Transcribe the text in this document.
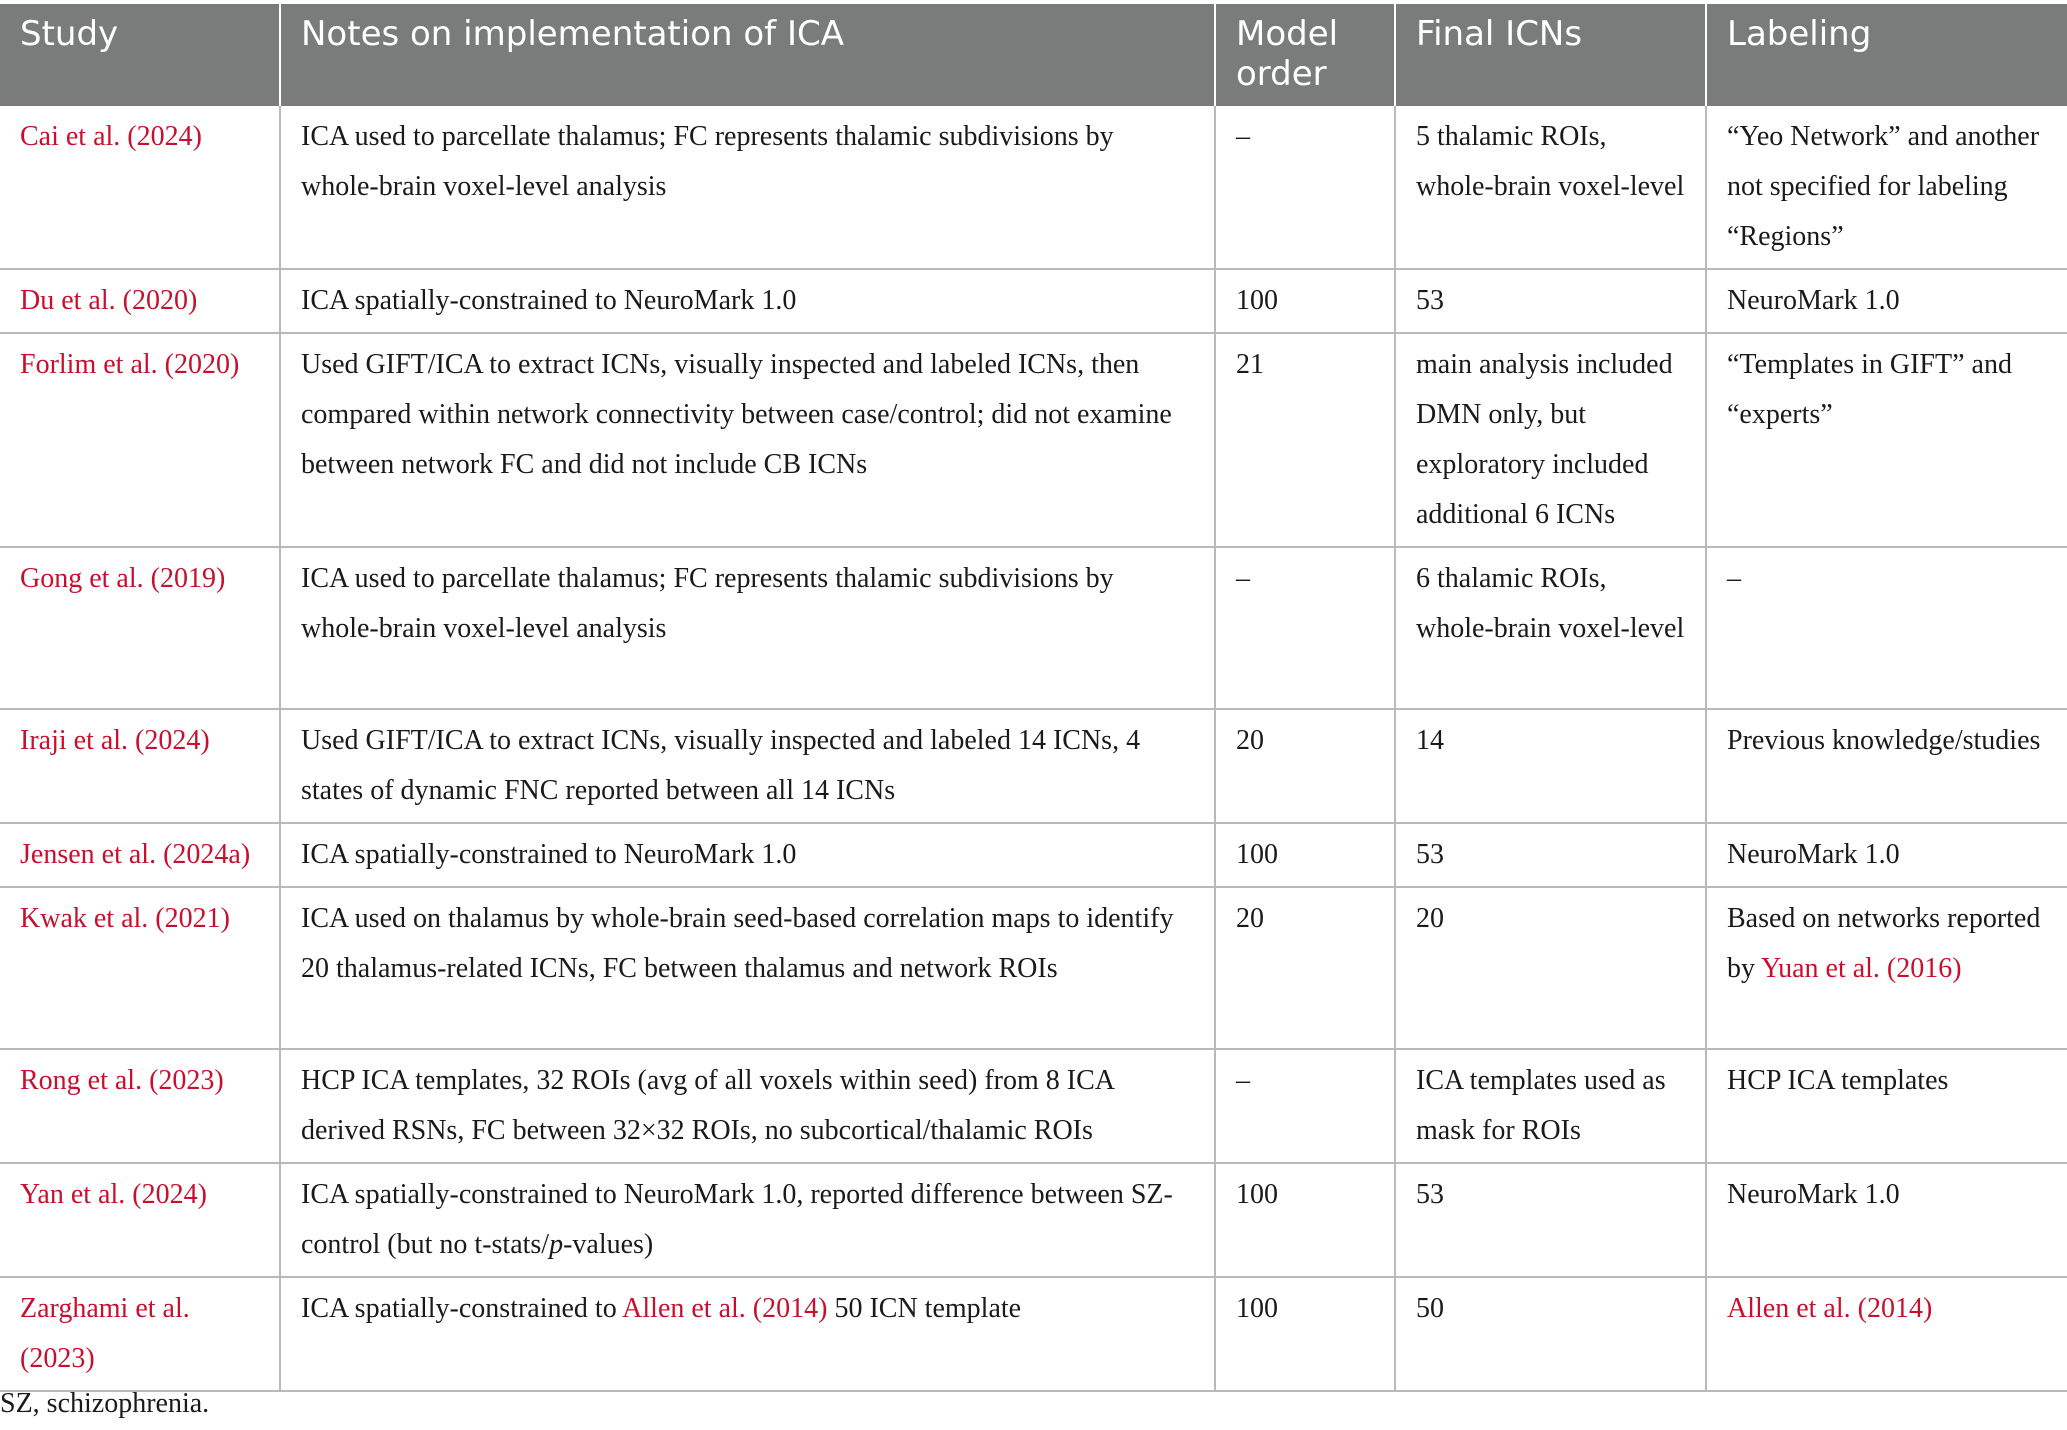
Study	Notes on implementation of ICA	Model order	Final ICNs	Labeling
Cai et al. (2024)	ICA used to parcellate thalamus; FC represents thalamic subdivisions by whole-brain voxel-level analysis	–	5 thalamic ROIs, whole-brain voxel-level	“Yeo Network” and another not specified for labeling “Regions”
Du et al. (2020)	ICA spatially-constrained to NeuroMark 1.0	100	53	NeuroMark 1.0
Forlim et al. (2020)	Used GIFT/ICA to extract ICNs, visually inspected and labeled ICNs, then compared within network connectivity between case/control; did not examine between network FC and did not include CB ICNs	21	main analysis included DMN only, but exploratory included additional 6 ICNs	“Templates in GIFT” and “experts”
Gong et al. (2019)	ICA used to parcellate thalamus; FC represents thalamic subdivisions by whole-brain voxel-level analysis	–	6 thalamic ROIs, whole-brain voxel-level	–
Iraji et al. (2024)	Used GIFT/ICA to extract ICNs, visually inspected and labeled 14 ICNs, 4 states of dynamic FNC reported between all 14 ICNs	20	14	Previous knowledge/studies
Jensen et al. (2024a)	ICA spatially-constrained to NeuroMark 1.0	100	53	NeuroMark 1.0
Kwak et al. (2021)	ICA used on thalamus by whole-brain seed-based correlation maps to identify 20 thalamus-related ICNs, FC between thalamus and network ROIs	20	20	Based on networks reported by Yuan et al. (2016)
Rong et al. (2023)	HCP ICA templates, 32 ROIs (avg of all voxels within seed) from 8 ICA derived RSNs, FC between 32×32 ROIs, no subcortical/thalamic ROIs	–	ICA templates used as mask for ROIs	HCP ICA templates
Yan et al. (2024)	ICA spatially-constrained to NeuroMark 1.0, reported difference between SZ-control (but no t-stats/p-values)	100	53	NeuroMark 1.0
Zarghami et al. (2023)	ICA spatially-constrained to Allen et al. (2014) 50 ICN template	100	50	Allen et al. (2014)
SZ, schizophrenia.
